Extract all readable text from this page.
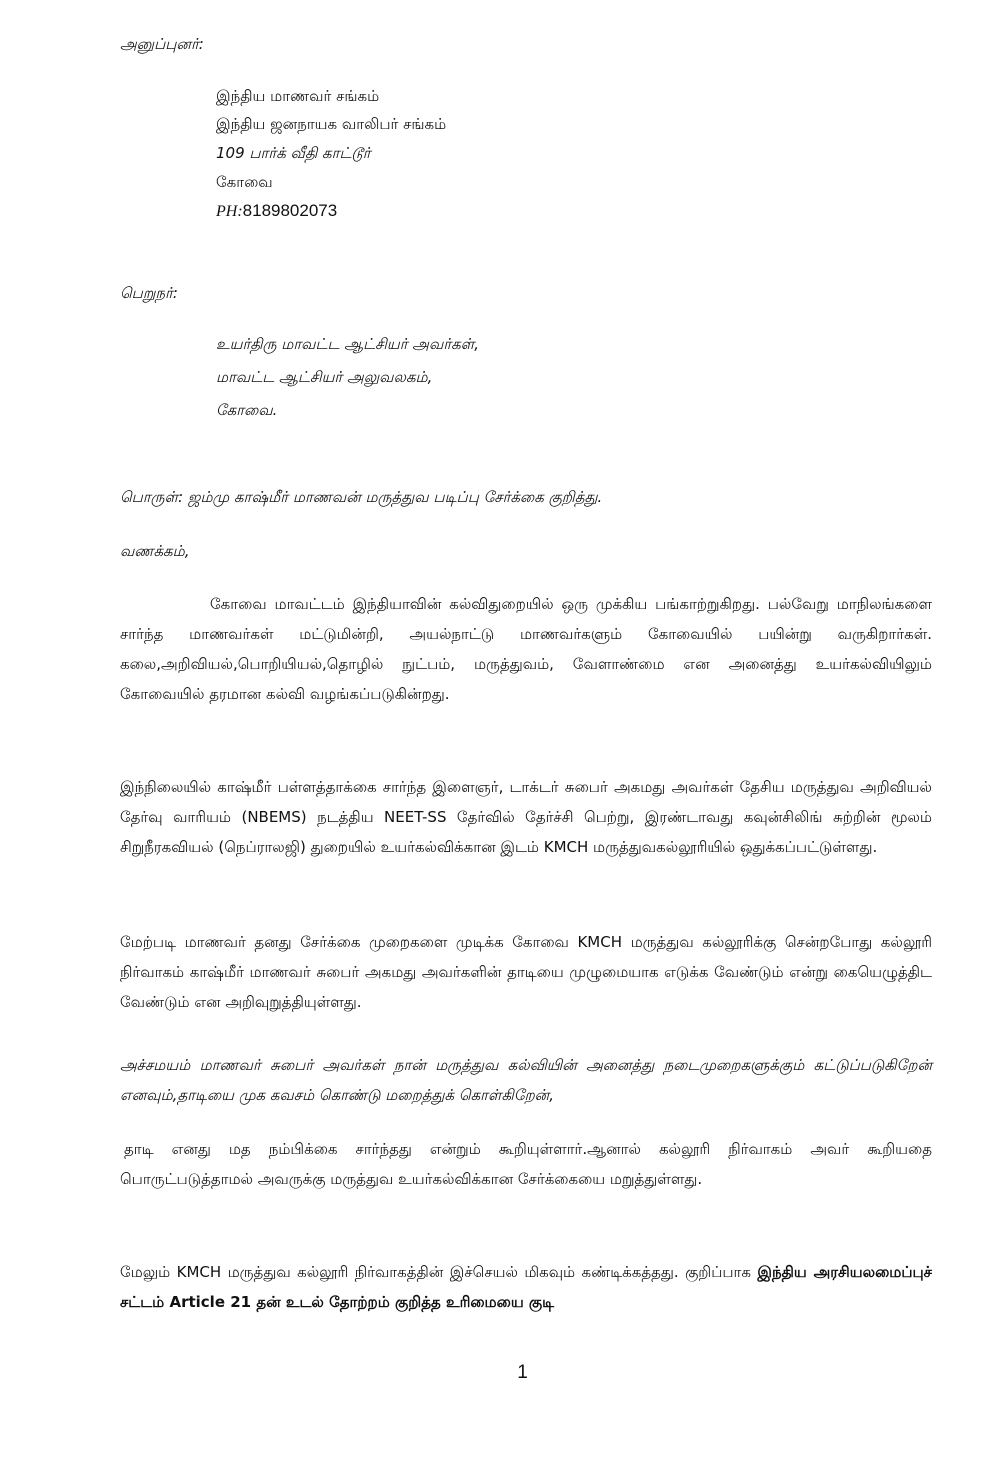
அனுப்புனர்:
இந்திய மாணவர் சங்கம்
இந்திய ஜனநாயக வாலிபர் சங்கம்
109 பார்க் வீதி காட்டூர்
கோவை
PH:8189802073
பெறுநர்:
உயர்திரு மாவட்ட ஆட்சியர் அவர்கள்,
மாவட்ட ஆட்சியர் அலுவலகம்,
கோவை.
பொருள்: ஜம்மு காஷ்மீர் மாணவன் மருத்துவ படிப்பு சேர்க்கை குறித்து.
வணக்கம்,
கோவை மாவட்டம் இந்தியாவின் கல்விதுறையில் ஒரு முக்கிய பங்காற்றுகிறது. பல்வேறு மாநிலங்களை சார்ந்த மாணவர்கள் மட்டுமின்றி, அயல்நாட்டு மாணவர்களும் கோவையில் பயின்று வருகிறார்கள். கலை,அறிவியல்,பொறியியல்,தொழில் நுட்பம், மருத்துவம், வேளாண்மை என அனைத்து உயர்கல்வியிலும் கோவையில் தரமான கல்வி வழங்கப்படுகின்றது.
இந்நிலையில் காஷ்மீர் பள்ளத்தாக்கை சார்ந்த இளைஞர், டாக்டர் சுபைர் அகமது அவர்கள் தேசிய மருத்துவ அறிவியல் தேர்வு வாரியம் (NBEMS) நடத்திய NEET-SS தேர்வில் தேர்ச்சி பெற்று, இரண்டாவது கவுன்சிலிங் சுற்றின் மூலம் சிறுநீரகவியல் (நெப்ராலஜி) துறையில் உயர்கல்விக்கான இடம் KMCH மருத்துவகல்லூரியில் ஒதுக்கப்பட்டுள்ளது.
மேற்படி மாணவர் தனது சேர்க்கை முறைகளை முடிக்க கோவை KMCH மருத்துவ கல்லூரிக்கு சென்றபோது கல்லூரி நிர்வாகம் காஷ்மீர் மாணவர் சுபைர் அகமது அவர்களின் தாடியை முழுமையாக எடுக்க வேண்டும் என்று கையெழுத்திட வேண்டும் என அறிவுறுத்தியுள்ளது.
அச்சமயம் மாணவர் சுபைர் அவர்கள் நான் மருத்துவ கல்வியின் அனைத்து நடைமுறைகளுக்கும் கட்டுப்படுகிறேன் எனவும்,தாடியை முக கவசம் கொண்டு மறைத்துக் கொள்கிறேன்,
தாடி எனது மத நம்பிக்கை சார்ந்தது என்றும் கூறியுள்ளார்.ஆனால் கல்லூரி நிர்வாகம் அவர் கூறியதை பொருட்படுத்தாமல் அவருக்கு மருத்துவ உயர்கல்விக்கான சேர்க்கையை மறுத்துள்ளது.
மேலும் KMCH மருத்துவ கல்லூரி நிர்வாகத்தின் இச்செயல் மிகவும் கண்டிக்கத்தது. குறிப்பாக இந்திய அரசியலமைப்புச் சட்டம் Article 21 தன் உடல் தோற்றம் குறித்த உரிமையை குடி
1
